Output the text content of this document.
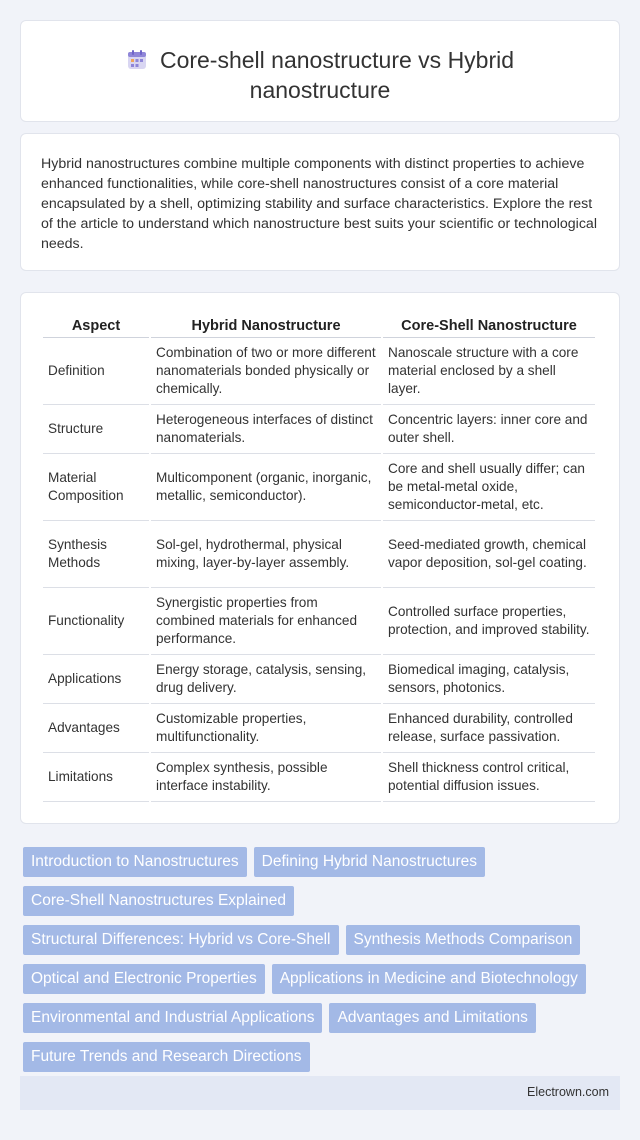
Core-shell nanostructure vs Hybrid
nanostructure
Hybrid nanostructures combine multiple components with distinct properties to achieve enhanced functionalities, while core-shell nanostructures consist of a core material encapsulated by a shell, optimizing stability and surface characteristics. Explore the rest of the article to understand which nanostructure best suits your scientific or technological needs.
Aspect	Hybrid Nanostructure	Core-Shell Nanostructure
Definition	Combination of two or more different nanomaterials bonded physically or chemically.	Nanoscale structure with a core material enclosed by a shell layer.
Structure	Heterogeneous interfaces of distinct nanomaterials.	Concentric layers: inner core and outer shell.
Material Composition	Multicomponent (organic, inorganic, metallic, semiconductor).	Core and shell usually differ; can be metal-metal oxide, semiconductor-metal, etc.
Synthesis Methods	Sol-gel, hydrothermal, physical mixing, layer-by-layer assembly.	Seed-mediated growth, chemical vapor deposition, sol-gel coating.
Functionality	Synergistic properties from combined materials for enhanced performance.	Controlled surface properties, protection, and improved stability.
Applications	Energy storage, catalysis, sensing, drug delivery.	Biomedical imaging, catalysis, sensors, photonics.
Advantages	Customizable properties, multifunctionality.	Enhanced durability, controlled release, surface passivation.
Limitations	Complex synthesis, possible interface instability.	Shell thickness control critical, potential diffusion issues.
Introduction to Nanostructures Defining Hybrid Nanostructures
Core-Shell Nanostructures Explained
Structural Differences: Hybrid vs Core-Shell Synthesis Methods Comparison
Optical and Electronic Properties Applications in Medicine and Biotechnology
Environmental and Industrial Applications Advantages and Limitations
Future Trends and Research Directions
Electrown.com
